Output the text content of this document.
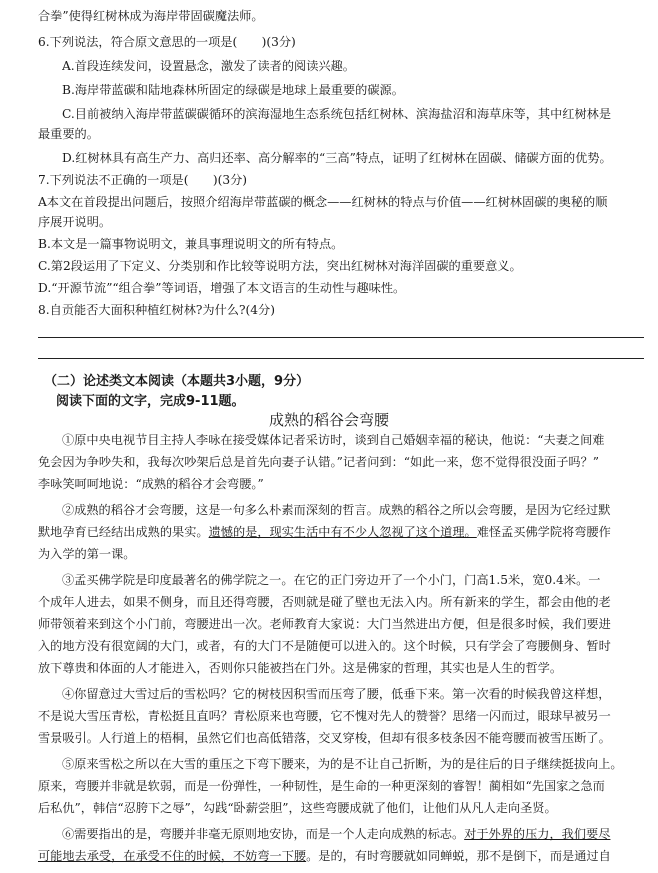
合拳”使得红树林成为海岸带固碳魔法师。
6.下列说法，符合原文意思的一项是(　　)(3分)
A.首段连续发问，设置悬念，激发了读者的阅读兴趣。
B.海岸带蓝碳和陆地森林所固定的绿碳是地球上最重要的碳源。
C.目前被纳入海岸带蓝碳碳循环的滨海湿地生态系统包括红树林、滨海盐沼和海草床等，其中红树林是
最重要的。
D.红树林具有高生产力、高归还率、高分解率的“三高”特点，证明了红树林在固碳、储碳方面的优势。
7.下列说法不正确的一项是(　　)(3分)
A本文在首段提出问题后，按照介绍海岸带蓝碳的概念——红树林的特点与价值——红树林固碳的奥秘的顺
序展开说明。
B.本文是一篇事物说明文，兼具事理说明文的所有特点。
C.第2段运用了下定义、分类别和作比较等说明方法，突出红树林对海洋固碳的重要意义。
D.“开源节流”“组合拳”等词语，增强了本文语言的生动性与趣味性。
8.自贡能否大面积种植红树林?为什么?(4分)
（二）论述类文本阅读（本题共3小题，9分）
阅读下面的文字，完成9-11题。
成熟的稻谷会弯腰
①原中央电视节目主持人李咏在接受媒体记者采访时，谈到自己婚姻幸福的秘诀，他说：“夫妻之间难
免会因为争吵失和，我每次吵架后总是首先向妻子认错。”记者问到：“如此一来，您不觉得很没面子吗？”
李咏笑呵呵地说：“成熟的稻谷才会弯腰。”
②成熟的稻谷才会弯腰，这是一句多么朴素而深刻的哲言。成熟的稻谷之所以会弯腰，是因为它经过默
默地孕育已经结出成熟的果实。遗憾的是，现实生活中有不少人忽视了这个道理。难怪孟买佛学院将弯腰作
为入学的第一课。
③孟买佛学院是印度最著名的佛学院之一。在它的正门旁边开了一个小门，门高1.5米，宽0.4米。一
个成年人进去，如果不侧身，而且还得弯腰，否则就是碰了壁也无法入内。所有新来的学生，都会由他的老
师带领着来到这个小门前，弯腰进出一次。老师教育大家说：大门当然进出方便，但是很多时候，我们要进
入的地方没有很宽阔的大门，或者，有的大门不是随便可以进入的。这个时候，只有学会了弯腰侧身、暂时
放下尊贵和体面的人才能进入，否则你只能被挡在门外。这是佛家的哲理，其实也是人生的哲学。
④你留意过大雪过后的雪松吗？它的树枝因积雪而压弯了腰，低垂下来。第一次看的时候我曾这样想，
不是说大雪压青松，青松挺且直吗？青松原来也弯腰，它不愧对先人的赞誉？思绪一闪而过，眼球早被另一
雪景吸引。人行道上的梧桐，虽然它们也高低错落，交叉穿梭，但却有很多枝条因不能弯腰而被雪压断了。
⑤原来雪松之所以在大雪的重压之下弯下腰来，为的是不让自己折断，为的是往后的日子继续挺拔向上。
原来，弯腰并非就是软弱，而是一份弹性，一种韧性，是生命的一种更深刻的睿智！蔺相如“先国家之急而
后私仇”，韩信“忍胯下之辱”，勾践“卧薪尝胆”，这些弯腰成就了他们，让他们从凡人走向圣贤。
⑥需要指出的是，弯腰并非毫无原则地安协，而是一个人走向成熟的标志。对于外界的压力，我们要尽
可能地去承受，在承受不住的时候，不妨弯一下腰。是的，有时弯腰就如同蝉蜕，那不是倒下，而是通过自
